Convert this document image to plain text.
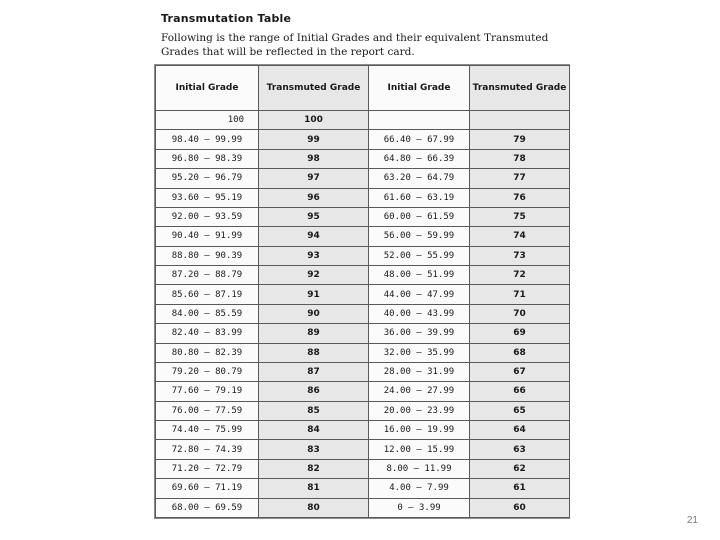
Transmutation Table
Following is the range of Initial Grades and their equivalent Transmuted Grades that will be reflected in the report card.
Initial Grade	Transmuted Grade	Initial Grade	Transmuted Grade
100	100		
98.40 – 99.99	99	66.40 – 67.99	79
96.80 – 98.39	98	64.80 – 66.39	78
95.20 – 96.79	97	63.20 – 64.79	77
93.60 – 95.19	96	61.60 – 63.19	76
92.00 – 93.59	95	60.00 – 61.59	75
90.40 – 91.99	94	56.00 – 59.99	74
88.80 – 90.39	93	52.00 – 55.99	73
87.20 – 88.79	92	48.00 – 51.99	72
85.60 – 87.19	91	44.00 – 47.99	71
84.00 – 85.59	90	40.00 – 43.99	70
82.40 – 83.99	89	36.00 – 39.99	69
80.80 – 82.39	88	32.00 – 35.99	68
79.20 – 80.79	87	28.00 – 31.99	67
77.60 – 79.19	86	24.00 – 27.99	66
76.00 – 77.59	85	20.00 – 23.99	65
74.40 – 75.99	84	16.00 – 19.99	64
72.80 – 74.39	83	12.00 – 15.99	63
71.20 – 72.79	82	8.00 – 11.99	62
69.60 – 71.19	81	4.00 – 7.99	61
68.00 – 69.59	80	0 – 3.99	60
21
